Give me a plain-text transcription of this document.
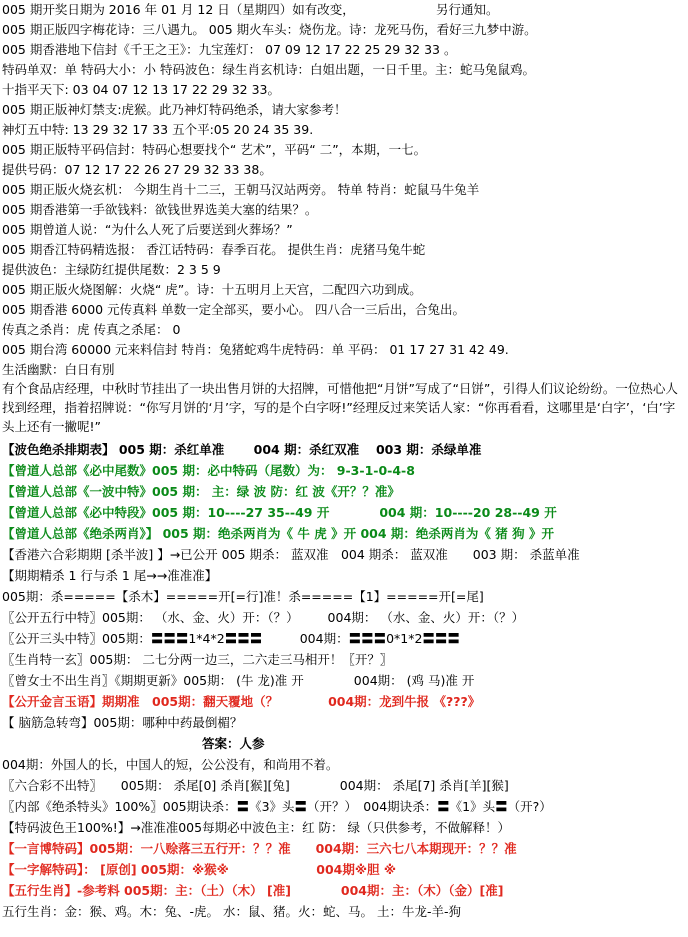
005 期开奖日期为 2016 年 01 月 12 日（星期四）如有改变，　　　　　　　另行通知。
005 期正版四字梅花诗：三八遇九。 005 期火车头：烧伤龙。诗：龙死马伤，看好三九梦中游。
005 期香港地下信封《千王之王》：九宝莲灯： 07 09 12 17 22 25 29 32 33 。
特码单双：单 特码大小：小 特码波色：绿生肖玄机诗：白姐出题，一日千里。主：蛇马兔鼠鸡。
十指平天下: 03 04 07 12 13 17 22 29 32 33。
005 期正版神灯禁支:虎猴。此乃神灯特码绝杀，请大家参考！
神灯五中特: 13 29 32 17 33 五个平:05 20 24 35 39.
005 期正版特平码信封：特码心想要找个“ 艺术”，平码“ 二”，本期，一七。
提供号码：07 12 17 22 26 27 29 32 33 38。
005 期正版火烧玄机： 今期生肖十二三，王朝马汉站两旁。 特单 特肖：蛇鼠马牛兔羊
005 期香港第一手欲钱料：欲钱世界选美大塞的结果？。
005 期曾道人说：“为什么人死了后要送到火葬场？”
005 期香江特码精选报： 香江话特码：春季百花。 提供生肖：虎猪马兔牛蛇
提供波色：主绿防红提供尾数：2 3 5 9
005 期正版火烧图解：火烧“ 虎”。诗：十五明月上天宫，二配四六功到成。
005 期香港 6000 元传真料 单数一定全部买，要小心。 四八合一三后出，合兔出。
传真之杀肖：虎 传真之杀尾： 0
005 期台湾 60000 元来料信封 特肖：兔猪蛇鸡牛虎特码：单 平码： 01 17 27 31 42 49.
生活幽默：白日有別
有个食品店经理，中秋时节挂出了一块出售月饼的大招牌，可惜他把“月饼”写成了“日饼”，引得人们议论纷纷。一位热心人找到经理，指着招牌说：“你写月饼的‘月’字，写的是个白字呀!”经理反过来笑话人家：“你再看看，这哪里是‘白字’，‘白’字头上还有一撇呢!”
【波色绝杀排期表】 005 期：杀红单准 　　004 期：杀红双准 　003 期：杀绿单准
【曾道人总部《必中尾数》005 期：必中特码（尾数）为： 9-3-1-0-4-8
【曾道人总部《一波中特》005 期： 主：绿 波 防：红 波《开？？准》
【曾道人总部《必中特段》005 期：10----27 35--49 开　　　　004 期：10----20 28--49 开
【曾道人总部《绝杀两肖》】 005 期：绝杀两肖为《 牛 虎 》开 004 期：绝杀两肖为《 猪 狗 》开
【香港六合彩期期 [杀半波] 】→已公开 005 期杀： 蓝双准　004 期杀： 蓝双准　　003 期： 杀蓝单准
【期期精杀 1 行与杀 1 尾→→准准准】
005期：杀=====【杀木】=====开[=行]准！杀=====【1】=====开[=尾]
〖公开五行中特〗005期： （水、金、火）开：（？） 　　004期： （水、金、火）开：（？）
〖公开三头中特〗005期：〓〓〓1*4*2〓〓〓　　　004期：〓〓〓0*1*2〓〓〓
〖生肖特一玄〗005期： 二七分两一边三，二六走三马相开！〖开？〗
〖曾女士不出生肖〗《期期更新》005期： (牛 龙)准 开　　　　004期： (鸡 马)准 开
【公开金言玉语】期期准　005期：翻天覆地（？　　　　004期：龙到牛报 《???》
【 脑筋急转弯】005期：哪种中药最倒楣？
答案：人参
004期：外国人的长，中国人的短，公公没有，和尚用不着。
〖六合彩不出特〗　　005期： 杀尾[0] 杀肖[猴][兔]　　　　004期： 杀尾[7] 杀肖[羊][猴]
〖内部《绝杀特头》100%〗005期诀杀：〓《3》头〓（开？）　004期诀杀：〓《1》头〓（开?）
【特码波色王100%!】→准准准005每期必中波色主：红 防： 绿（只供参考，不做解释！）
【一言博特码】005期：一八赊落三五行开：？？准　　004期：三六七八本期现开：？？准
【一字解特码】： [原创] 005期：※猴※　　　　　　　004期※胆 ※
【五行生肖】-参考料 005期：主：（土）（木） [准]　　　　004期：主：（木）（金）[准]
五行生肖：金：猴、鸡。木：兔、-虎。 水：鼠、猪。火：蛇、马。 土：牛龙-羊-狗
